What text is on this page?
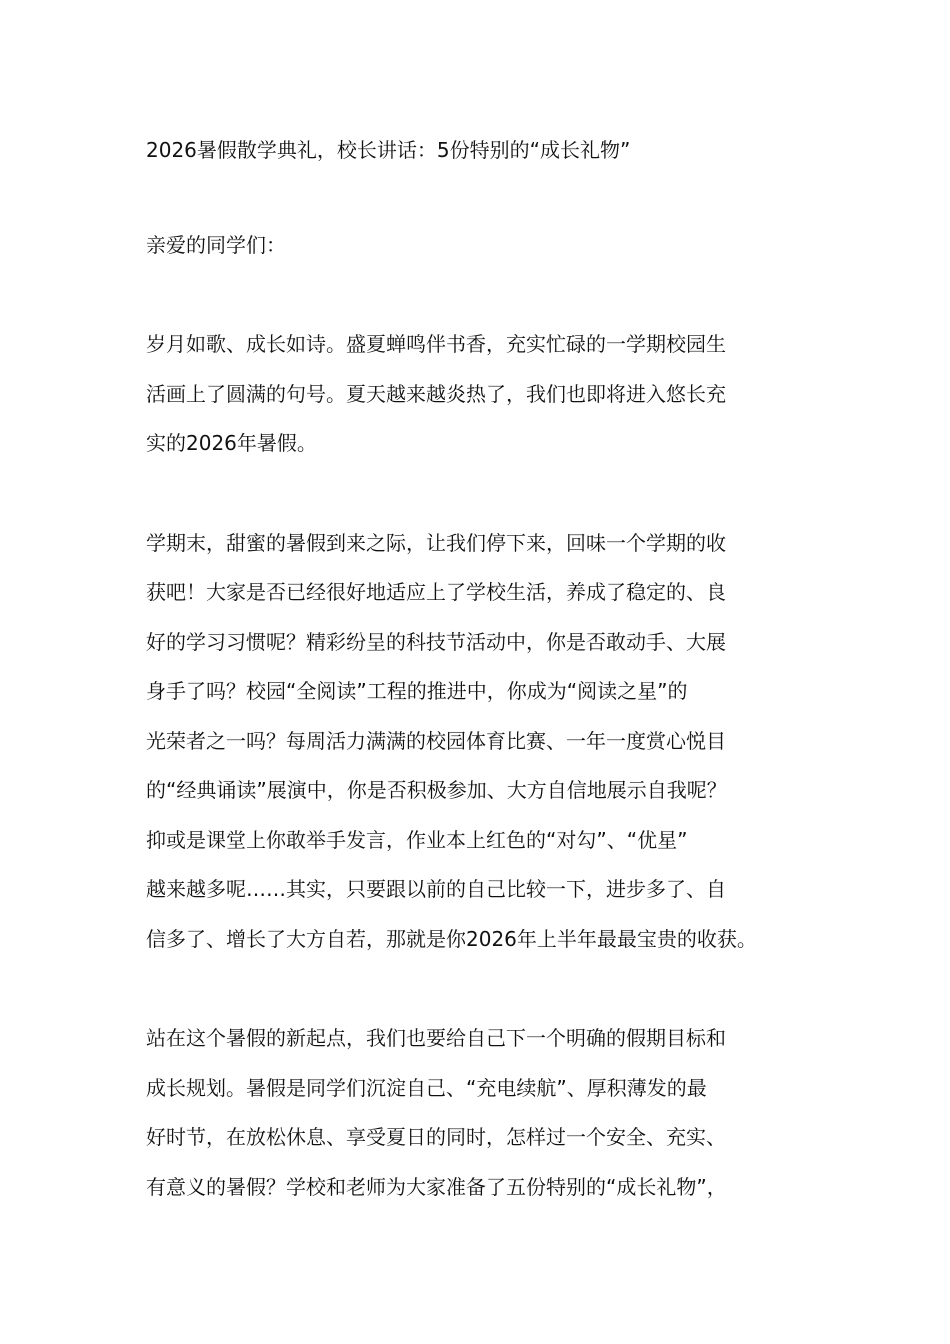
2026暑假散学典礼，校长讲话：5份特别的“成长礼物”
亲爱的同学们：
岁月如歌、成长如诗。盛夏蝉鸣伴书香，充实忙碌的一学期校园生
活画上了圆满的句号。夏天越来越炎热了，我们也即将进入悠长充
实的2026年暑假。
学期末，甜蜜的暑假到来之际，让我们停下来，回味一个学期的收
获吧！大家是否已经很好地适应上了学校生活，养成了稳定的、良
好的学习习惯呢？精彩纷呈的科技节活动中，你是否敢动手、大展
身手了吗？校园“全阅读”工程的推进中，你成为“阅读之星”的
光荣者之一吗？每周活力满满的校园体育比赛、一年一度赏心悦目
的“经典诵读”展演中，你是否积极参加、大方自信地展示自我呢？
抑或是课堂上你敢举手发言，作业本上红色的“对勾”、“优星”
越来越多呢……其实，只要跟以前的自己比较一下，进步多了、自
信多了、增长了大方自若，那就是你2026年上半年最最宝贵的收获。
站在这个暑假的新起点，我们也要给自己下一个明确的假期目标和
成长规划。暑假是同学们沉淀自己、“充电续航”、厚积薄发的最
好时节，在放松休息、享受夏日的同时，怎样过一个安全、充实、
有意义的暑假？学校和老师为大家准备了五份特别的“成长礼物”，
